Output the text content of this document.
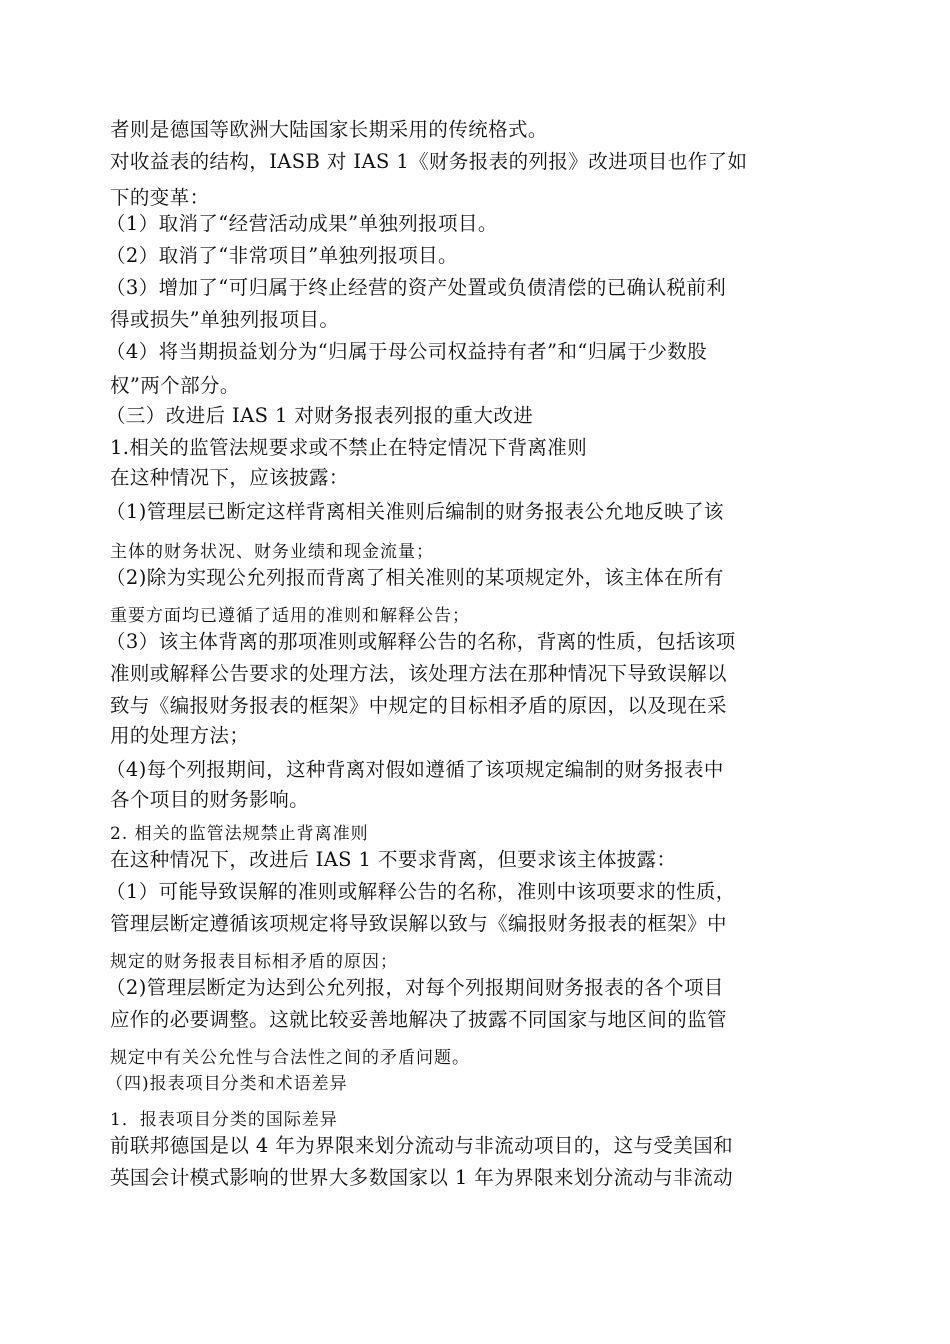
者则是德国等欧洲大陆国家长期采用的传统格式。
对收益表的结构，IASB 对 IAS 1《财务报表的列报》改进项目也作了如
下的变革：
（1）取消了“经营活动成果”单独列报项目。
（2）取消了“非常项目”单独列报项目。
（3）增加了“可归属于终止经营的资产处置或负债清偿的已确认税前利
得或损失”单独列报项目。
（4）将当期损益划分为“归属于母公司权益持有者”和“归属于少数股
权”两个部分。
（三）改进后 IAS 1 对财务报表列报的重大改进
1.相关的监管法规要求或不禁止在特定情况下背离准则
在这种情况下，应该披露：
（1)管理层已断定这样背离相关准则后编制的财务报表公允地反映了该
主体的财务状况、财务业绩和现金流量；
（2)除为实现公允列报而背离了相关准则的某项规定外，该主体在所有
重要方面均已遵循了适用的准则和解释公告；
（3）该主体背离的那项准则或解释公告的名称，背离的性质，包括该项
准则或解释公告要求的处理方法，该处理方法在那种情况下导致误解以
致与《编报财务报表的框架》中规定的目标相矛盾的原因，以及现在采
用的处理方法；
（4)每个列报期间，这种背离对假如遵循了该项规定编制的财务报表中
各个项目的财务影响。
2. 相关的监管法规禁止背离准则
在这种情况下，改进后 IAS 1 不要求背离，但要求该主体披露：
（1）可能导致误解的准则或解释公告的名称，准则中该项要求的性质，
管理层断定遵循该项规定将导致误解以致与《编报财务报表的框架》中
规定的财务报表目标相矛盾的原因；
（2)管理层断定为达到公允列报，对每个列报期间财务报表的各个项目
应作的必要调整。这就比较妥善地解决了披露不同国家与地区间的监管
规定中有关公允性与合法性之间的矛盾问题。
（四)报表项目分类和术语差异
1．报表项目分类的国际差异
前联邦德国是以 4 年为界限来划分流动与非流动项目的，这与受美国和
英国会计模式影响的世界大多数国家以 1 年为界限来划分流动与非流动
